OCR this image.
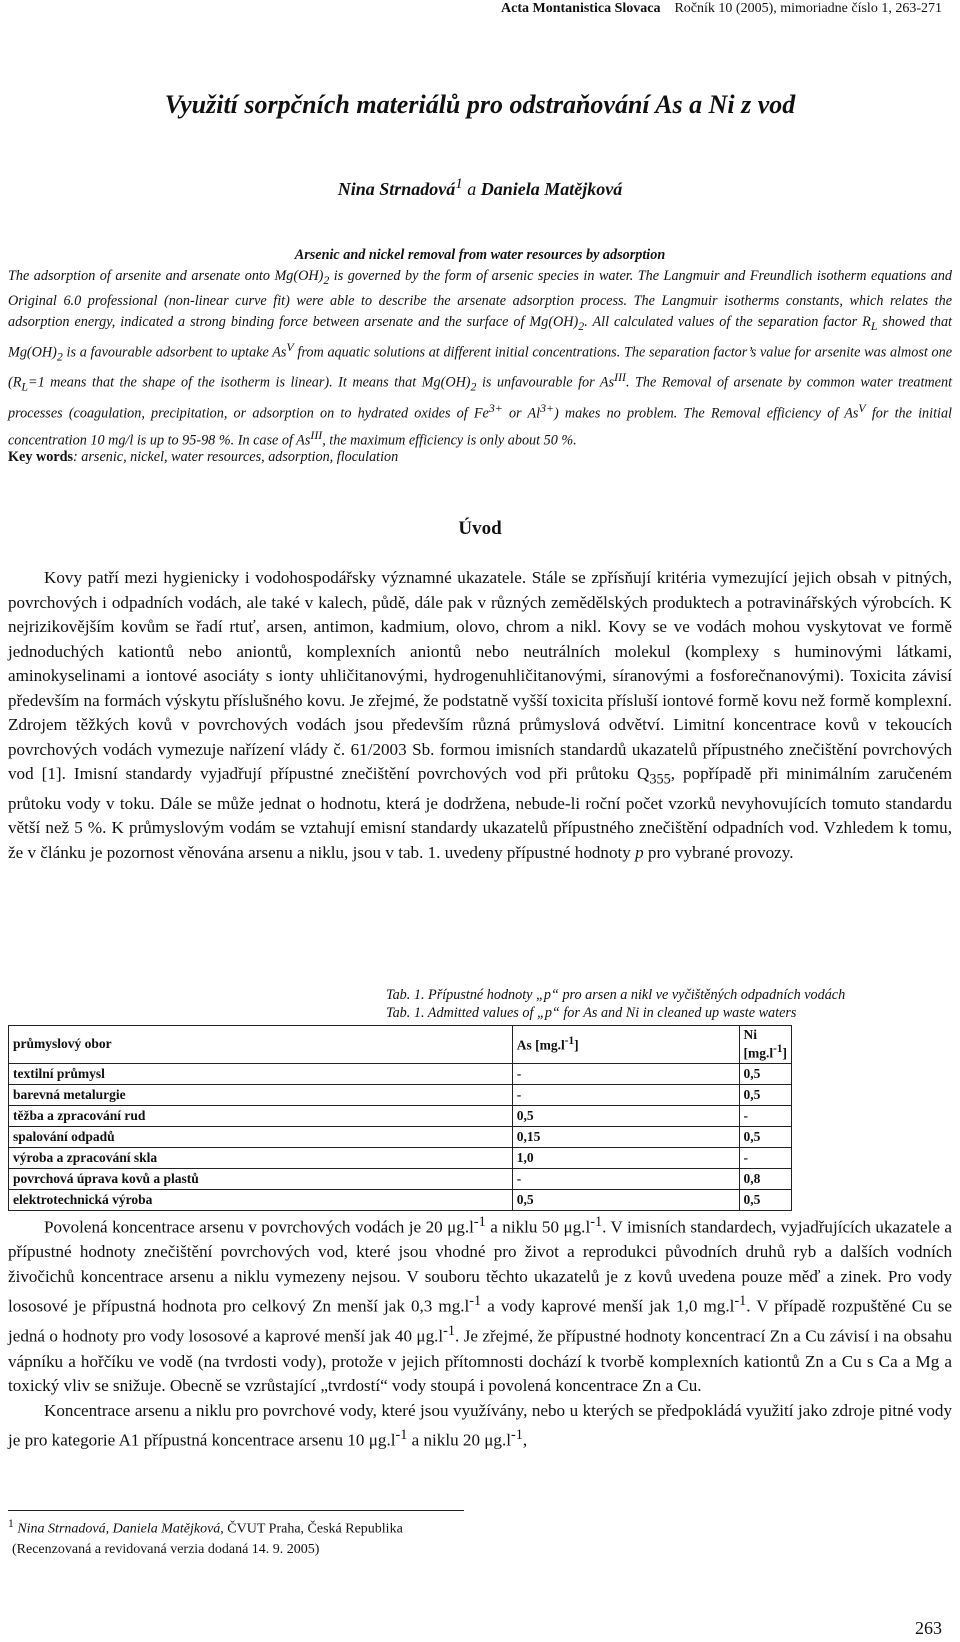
Acta Montanistica Slovaca Ročník 10 (2005), mimoriadne číslo 1, 263-271
Využití sorpčních materiálů pro odstraňování As a Ni z vod
Nina Strnadová$^1$ a Daniela Matějková
Arsenic and nickel removal from water resources by adsorption
The adsorption of arsenite and arsenate onto $Mg(OH)_2$ is governed by the form of arsenic species in water. The Langmuir and Freundlich isotherm equations and Original 6.0 professional (non-linear curve fit) were able to describe the arsenate adsorption process. The Langmuir isotherms constants, which relates the adsorption energy, indicated a strong binding force between arsenate and the surface of $Mg(OH)_2$. All calculated values of the separation factor $R_L$ showed that $Mg(OH)_2$ is a favourable adsorbent to uptake $As^V$ from aquatic solutions at different initial concentrations. The separation factor’s value for arsenite was almost one ($R_L=1$ means that the shape of the isotherm is linear). It means that $Mg(OH)_2$ is unfavourable for $As^{III}$. The Removal of arsenate by common water treatment processes (coagulation, precipitation, or adsorption on to hydrated oxides of $Fe^{3+}$ or $Al^{3+}$) makes no problem. The Removal efficiency of $As^V$ for the initial concentration 10 mg/l is up to 95-98 %. In case of $As^{III}$, the maximum efficiency is only about 50 %.
Key words: arsenic, nickel, water resources, adsorption, floculation
Úvod

Kovy patří mezi hygienicky i vodohospodářsky významné ukazatele. Stále se zpřísňují kritéria vymezující jejich obsah v pitných, povrchových i odpadních vodách, ale také v kalech, půdě, dále pak v různých zemědělských produktech a potravinářských výrobcích. K nejrizikovějším kovům se řadí rtuť, arsen, antimon, kadmium, olovo, chrom a nikl. Kovy se ve vodách mohou vyskytovat ve formě jednoduchých kationtů nebo aniontů, komplexních aniontů nebo neutrálních molekul (komplexy s huminovými látkami, aminokyselinami a iontové asociáty s ionty uhličitanovými, hydrogenuhličitanovými, síranovými a fosforečnanovými). Toxicita závisí především na formách výskytu příslušného kovu. Je zřejmé, že podstatně vyšší toxicita přísluší iontové formě kovu než formě komplexní. Zdrojem těžkých kovů v povrchových vodách jsou především různá průmyslová odvětví. Limitní koncentrace kovů v tekoucích povrchových vodách vymezuje nařízení vlády č. 61/2003 Sb. formou imisních standardů ukazatelů přípustného znečištění povrchových vod [1]. Imisní standardy vyjadřují přípustné znečištění povrchových vod při průtoku $Q_{355}$, popřípadě při minimálním zaručeném průtoku vody v toku. Dále se může jednat o hodnotu, která je dodržena, nebude-li roční počet vzorků nevyhovujících tomuto standardu větší než 5 %. K průmyslovým vodám se vztahují emisní standardy ukazatelů přípustného znečištění odpadních vod. Vzhledem k tomu, že v článku je pozornost věnována arsenu a niklu, jsou v tab. 1. uvedeny přípustné hodnoty p pro vybrané provozy.

Tab. 1. Přípustné hodnoty „p“ pro arsen a nikl ve vyčištěných odpadních vodách
Tab. 1. Admitted values of „p“ for As and Ni in cleaned up waste waters
průmyslový obor	As $[mg.l^{-1}]$	Ni $[mg.l^{-1}]$
textilní průmysl	-	0,5
barevná metalurgie	-	0,5
těžba a zpracování rud	0,5	-
spalování odpadů	0,15	0,5
výroba a zpracování skla	1,0	-
povrchová úprava kovů a plastů	-	0,8
elektrotechnická výroba	0,5	0,5

Povolená koncentrace arsenu v povrchových vodách je 20 $\mu g.l^{-1}$ a niklu 50 $\mu g.l^{-1}$. V imisních standardech, vyjadřujících ukazatele a přípustné hodnoty znečištění povrchových vod, které jsou vhodné pro život a reprodukci původních druhů ryb a dalších vodních živočichů koncentrace arsenu a niklu vymezeny nejsou. V souboru těchto ukazatelů je z kovů uvedena pouze měď a zinek. Pro vody lososové je přípustná hodnota pro celkový Zn menší jak 0,3 $mg.l^{-1}$ a vody kaprové menší jak 1,0 $mg.l^{-1}$. V případě rozpuštěné Cu se jedná o hodnoty pro vody lososové a kaprové menší jak 40 $\mu g.l^{-1}$. Je zřejmé, že přípustné hodnoty koncentrací Zn a Cu závisí i na obsahu vápníku a hořčíku ve vodě (na tvrdosti vody), protože v jejich přítomnosti dochází k tvorbě komplexních kationtů Zn a Cu s Ca a Mg a toxický vliv se snižuje. Obecně se vzrůstající „tvrdostí“ vody stoupá i povolená koncentrace Zn a Cu.

Koncentrace arsenu a niklu pro povrchové vody, které jsou využívány, nebo u kterých se předpokládá využití jako zdroje pitné vody je pro kategorie A1 přípustná koncentrace arsenu 10 $\mu g.l^{-1}$ a niklu 20 $\mu g.l^{-1}$,

$^1$ Nina Strnadová, Daniela Matějková, ČVUT Praha, Česká Republika
(Recenzovaná a revidovaná verzia dodaná 14. 9. 2005)
263
